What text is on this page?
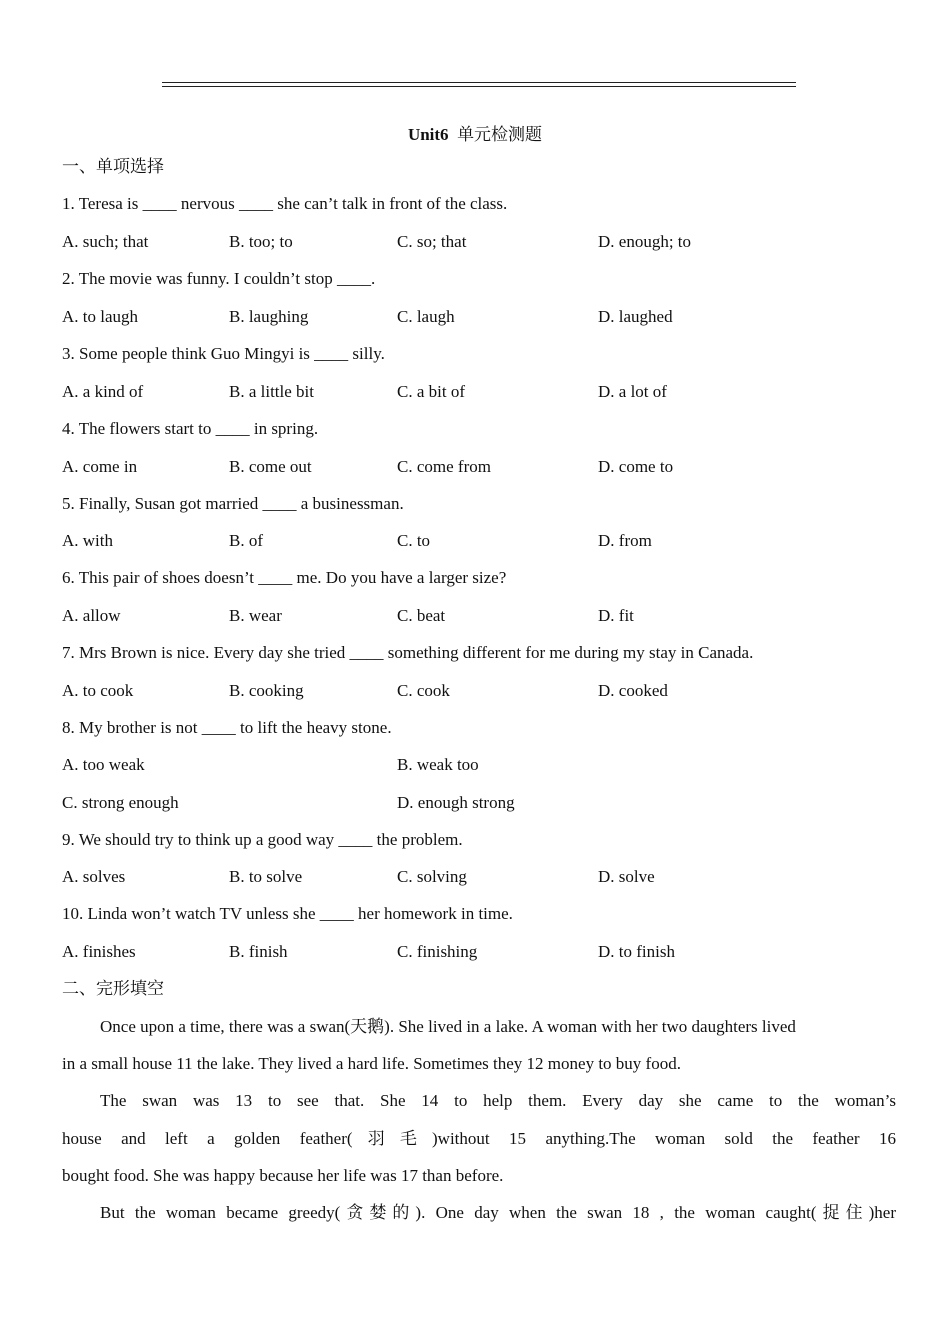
Unit6 单元检测题
一、单项选择
1. Teresa is ____ nervous ____ she can’t talk in front of the class.
A. such; that	B. too; to	C. so; that	D. enough; to
2. The movie was funny. I couldn’t stop ____.
A. to laugh	B. laughing	C. laugh	D. laughed
3. Some people think Guo Mingyi is ____ silly.
A. a kind of	B. a little bit	C. a bit of	D. a lot of
4. The flowers start to ____ in spring.
A. come in	B. come out	C. come from	D. come to
5. Finally, Susan got married ____ a businessman.
A. with	B. of	C. to	D. from
6. This pair of shoes doesn’t ____ me. Do you have a larger size?
A. allow	B. wear	C. beat	D. fit
7. Mrs Brown is nice. Every day she tried ____ something different for me during my stay in Canada.
A. to cook	B. cooking	C. cook	D. cooked
8. My brother is not ____ to lift the heavy stone.
A. too weak	B. weak too
C. strong enough	D. enough strong
9. We should try to think up a good way ____ the problem.
A. solves	B. to solve	C. solving	D. solve
10. Linda won’t watch TV unless she ____ her homework in time.
A. finishes	B. finish	C. finishing	D. to finish
二、完形填空
Once upon a time, there was a swan(天鹅). She lived in a lake. A woman with her two daughters lived
in a small house 11 the lake. They lived a hard life. Sometimes they 12 money to buy food.
The swan was 13 to see that. She 14 to help them. Every day she came to the woman’s
house and left a golden feather(羽毛)without 15 anything.The woman sold the feather 16
bought food. She was happy because her life was 17 than before.
But the woman became greedy(贪婪的). One day when the swan 18 , the woman caught(捉住)her
